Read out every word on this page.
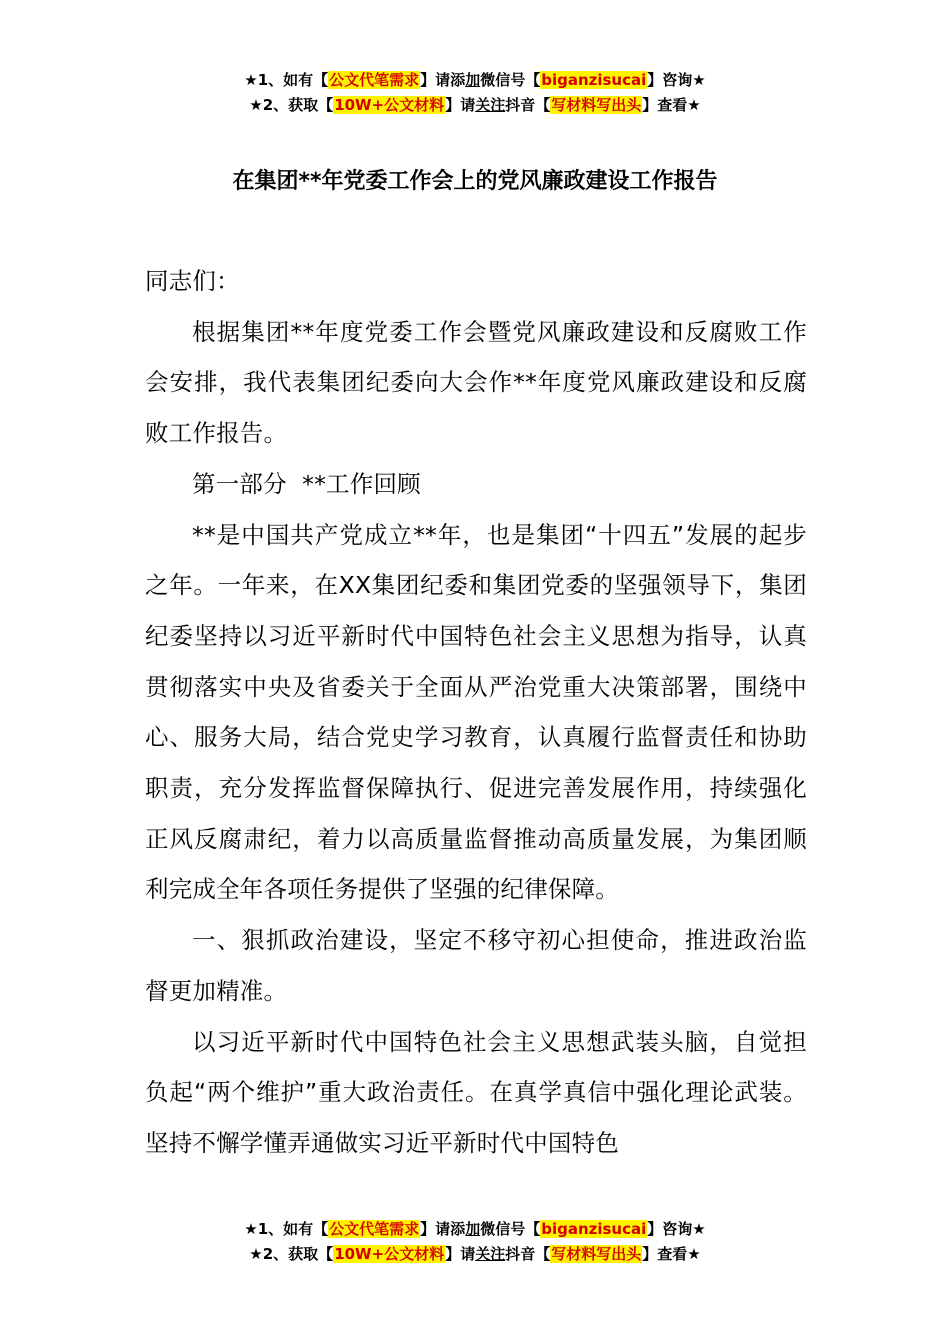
★1、如有【公文代笔需求】请添加微信号【biganzisucai】咨询★
★2、获取【10W+公文材料】请关注抖音【写材料写出头】查看★
在集团**年党委工作会上的党风廉政建设工作报告

同志们：

根据集团**年度党委工作会暨党风廉政建设和反腐败工作会安排，我代表集团纪委向大会作**年度党风廉政建设和反腐败工作报告。

第一部分  **工作回顾

**是中国共产党成立**年，也是集团“十四五”发展的起步之年。一年来，在XX集团纪委和集团党委的坚强领导下，集团纪委坚持以习近平新时代中国特色社会主义思想为指导，认真贯彻落实中央及省委关于全面从严治党重大决策部署，围绕中心、服务大局，结合党史学习教育，认真履行监督责任和协助职责，充分发挥监督保障执行、促进完善发展作用，持续强化正风反腐肃纪，着力以高质量监督推动高质量发展，为集团顺利完成全年各项任务提供了坚强的纪律保障。

一、狠抓政治建设，坚定不移守初心担使命，推进政治监督更加精准。

以习近平新时代中国特色社会主义思想武装头脑，自觉担负起“两个维护”重大政治责任。在真学真信中强化理论武装。坚持不懈学懂弄通做实习近平新时代中国特色

★1、如有【公文代笔需求】请添加微信号【biganzisucai】咨询★
★2、获取【10W+公文材料】请关注抖音【写材料写出头】查看★
